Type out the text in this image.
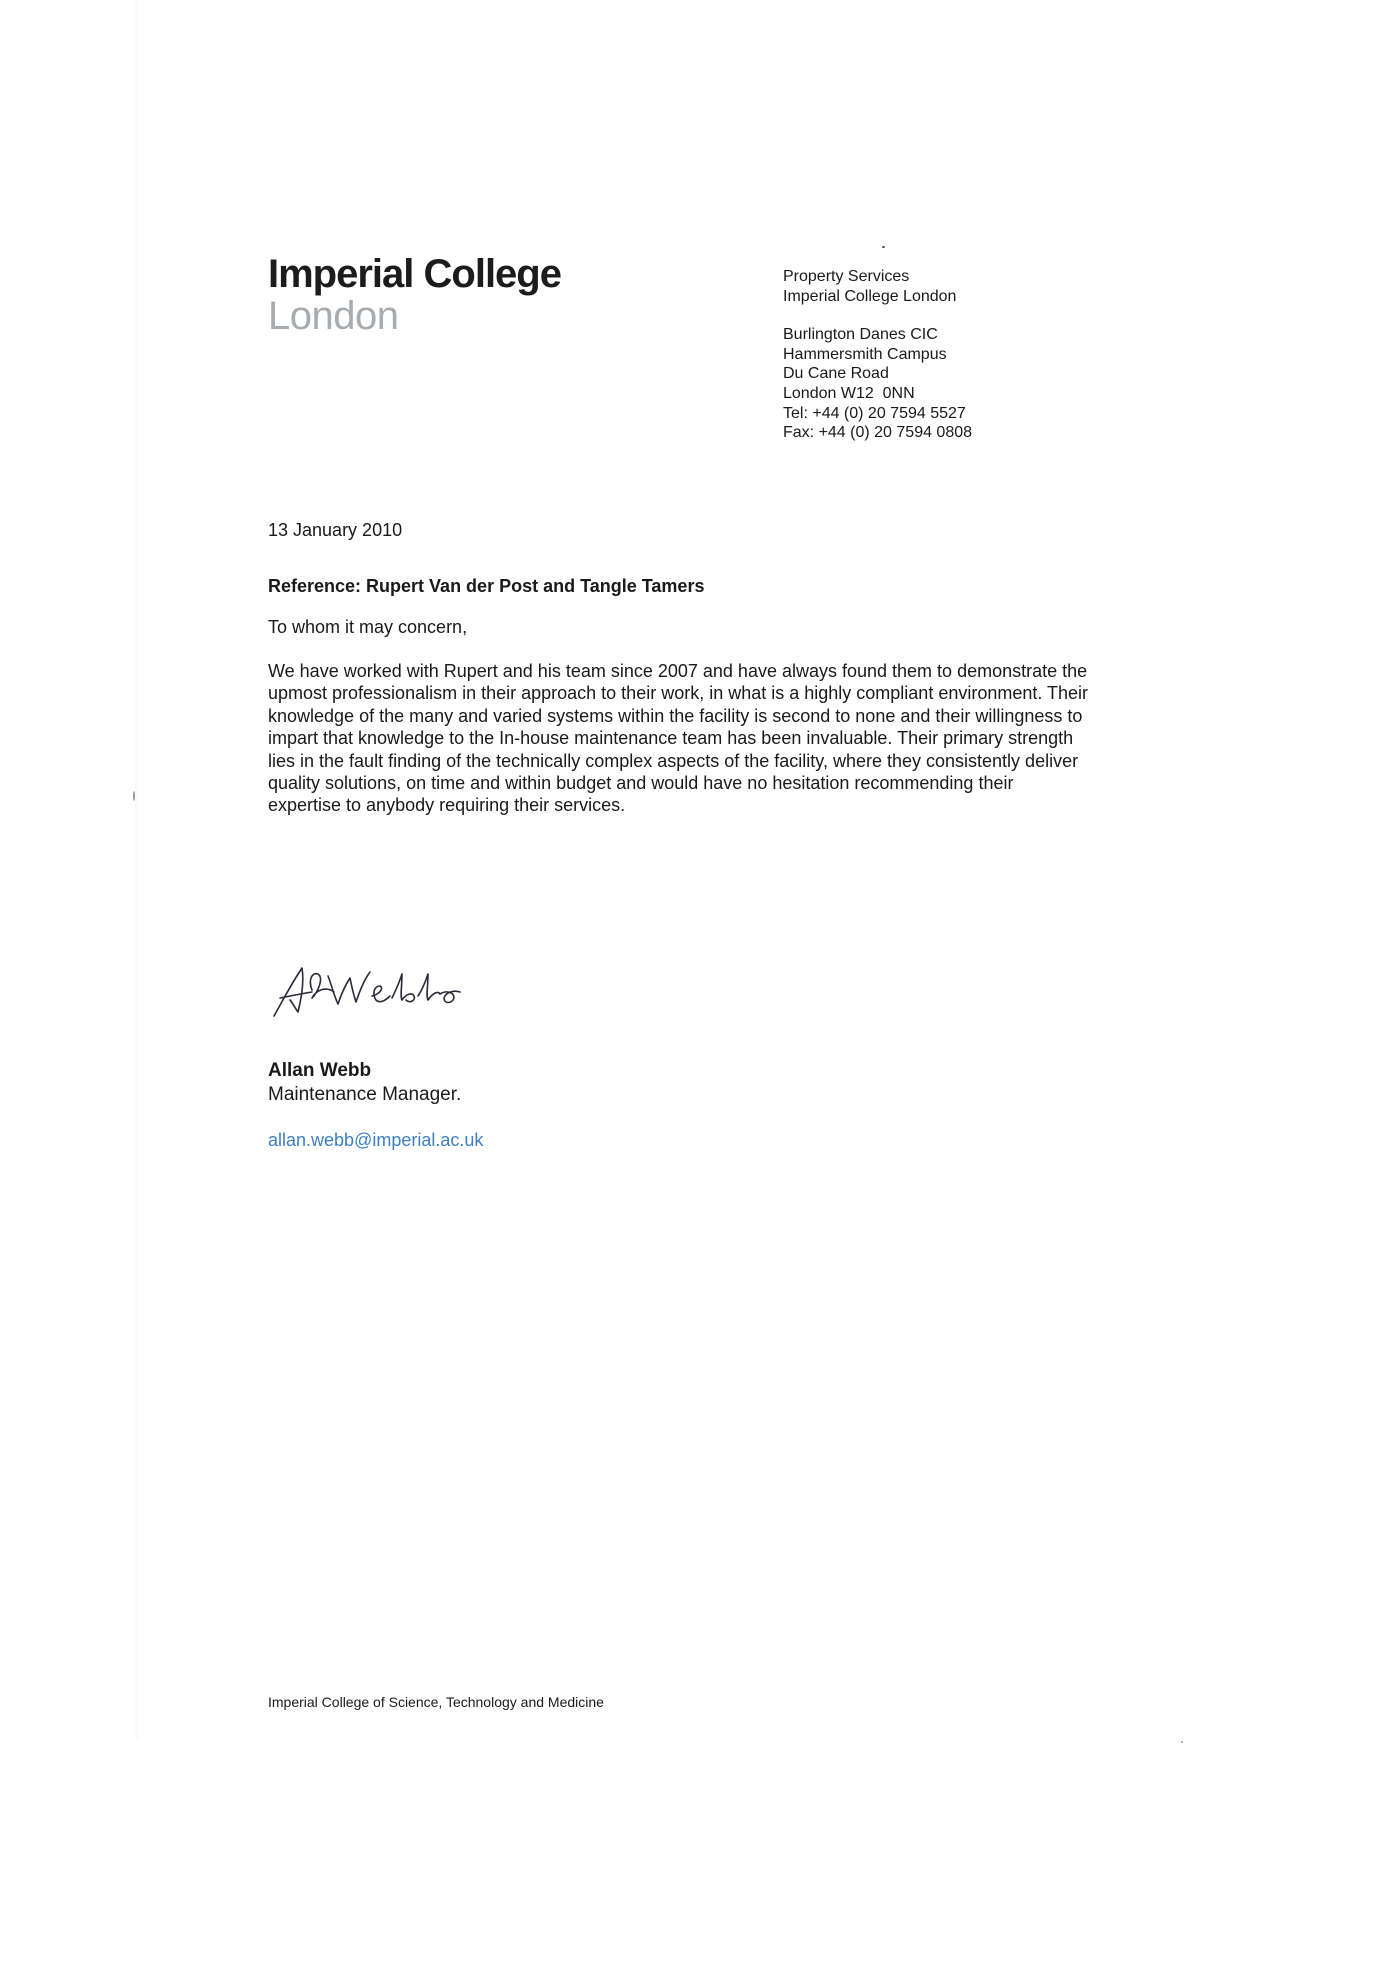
Imperial College
London
Property Services
Imperial College London
Burlington Danes CIC
Hammersmith Campus
Du Cane Road
London W12  0NN
Tel: +44 (0) 20 7594 5527
Fax: +44 (0) 20 7594 0808
13 January 2010
Reference: Rupert Van der Post and Tangle Tamers
To whom it may concern,
We have worked with Rupert and his team since 2007 and have always found them to demonstrate the
upmost professionalism in their approach to their work, in what is a highly compliant environment. Their
knowledge of the many and varied systems within the facility is second to none and their willingness to
impart that knowledge to the In-house maintenance team has been invaluable. Their primary strength
lies in the fault finding of the technically complex aspects of the facility, where they consistently deliver
quality solutions, on time and within budget and would have no hesitation recommending their
expertise to anybody requiring their services.
Allan Webb
Maintenance Manager.
allan.webb@imperial.ac.uk
Imperial College of Science, Technology and Medicine
